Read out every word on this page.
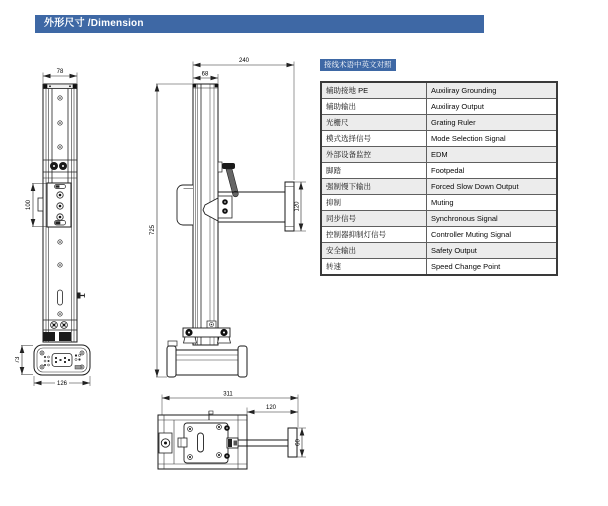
外形尺寸 /Dimension
78
100
73
126
240
68
725
120
311
120
60
接线术语中英文对照
辅助接地 PE	Auxiliray Grounding
辅助输出	Auxiliray Output
光栅尺	Grating Ruler
模式选择信号	Mode Selection Signal
外部设备监控	EDM
脚踏	Footpedal
强制慢下输出	Forced Slow Down Output
抑制	Muting
同步信号	Synchronous Signal
控制器抑制灯信号	Controller Muting Signal
安全输出	Safety Output
转速	Speed Change Point
